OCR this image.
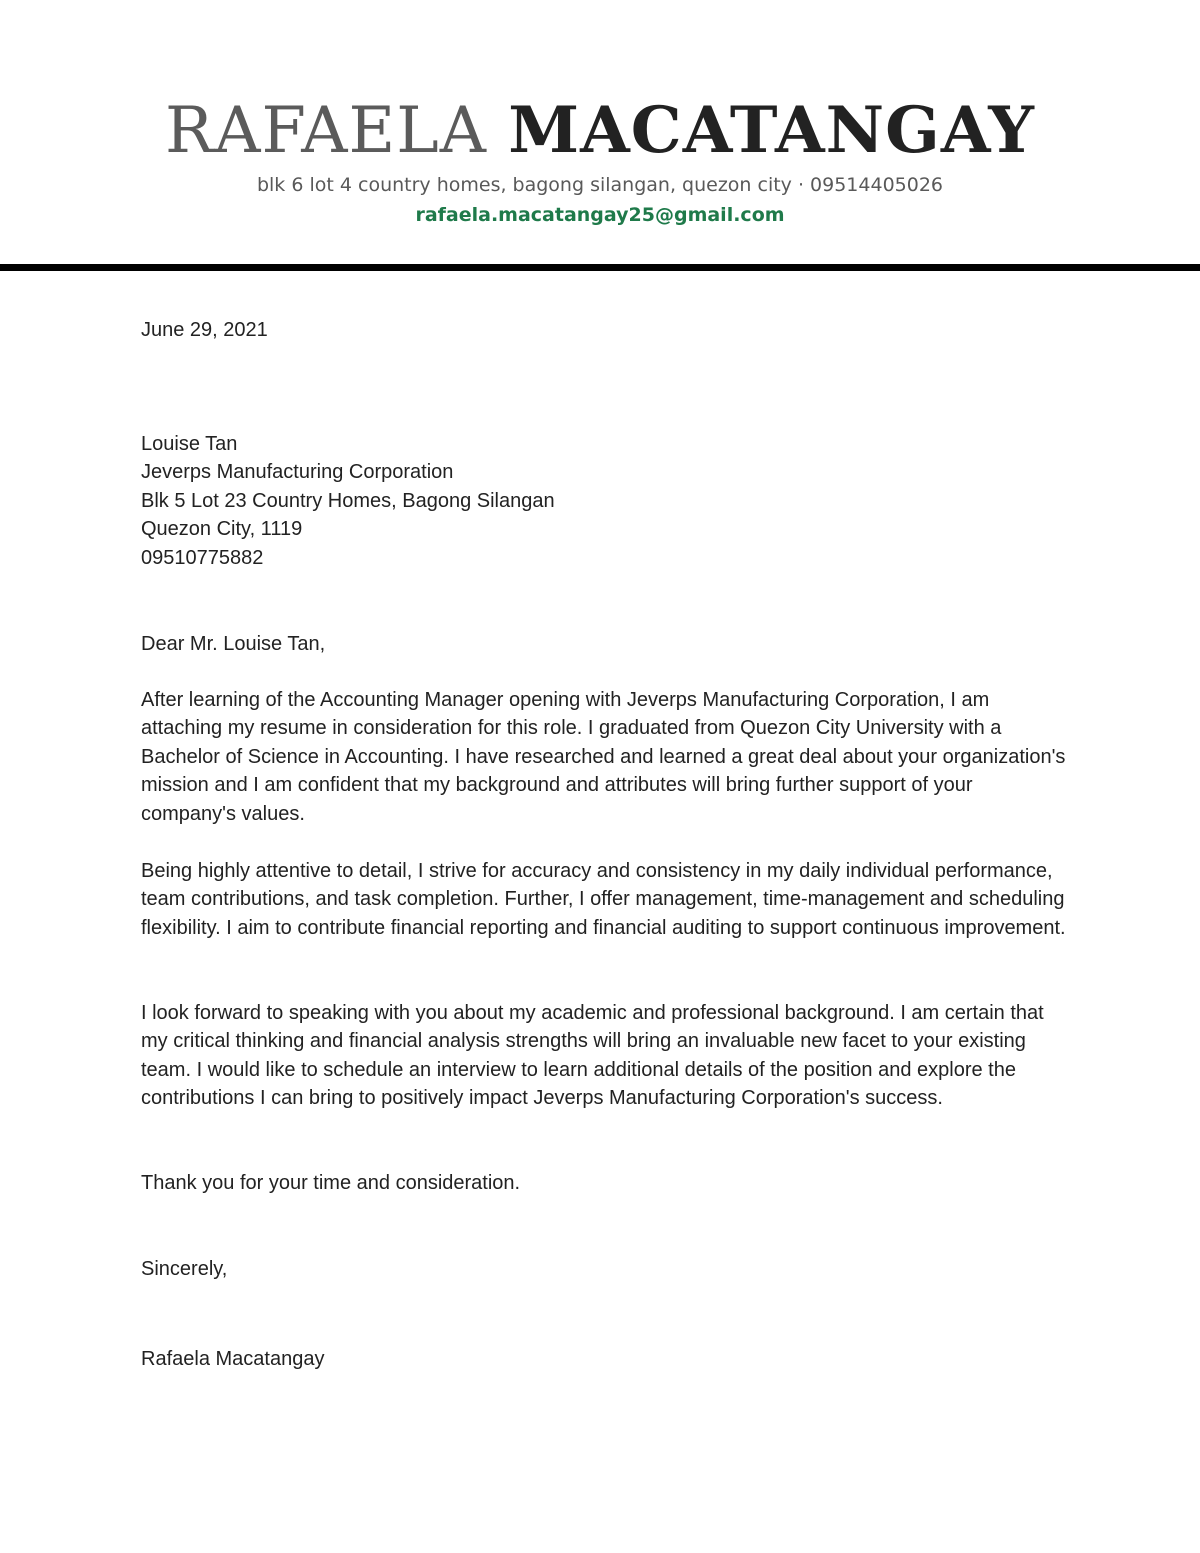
RAFAELA MACATANGAY
blk 6 lot 4 country homes, bagong silangan, quezon city · 09514405026
rafaela.macatangay25@gmail.com

June 29, 2021

Louise Tan

Jeverps Manufacturing Corporation

Blk 5 Lot 23 Country Homes, Bagong Silangan

Quezon City, 1119

09510775882

Dear Mr. Louise Tan,

After learning of the Accounting Manager opening with Jeverps Manufacturing Corporation, I am attaching my resume in consideration for this role. I graduated from Quezon City University with a Bachelor of Science in Accounting. I have researched and learned a great deal about your organization's mission and I am confident that my background and attributes will bring further support of your company's values.

Being highly attentive to detail, I strive for accuracy and consistency in my daily individual performance, team contributions, and task completion. Further, I offer management, time-management and scheduling flexibility. I aim to contribute financial reporting and financial auditing to support continuous improvement.

I look forward to speaking with you about my academic and professional background. I am certain that my critical thinking and financial analysis strengths will bring an invaluable new facet to your existing team. I would like to schedule an interview to learn additional details of the position and explore the contributions I can bring to positively impact Jeverps Manufacturing Corporation's success.

Thank you for your time and consideration.

Sincerely,

Rafaela Macatangay
